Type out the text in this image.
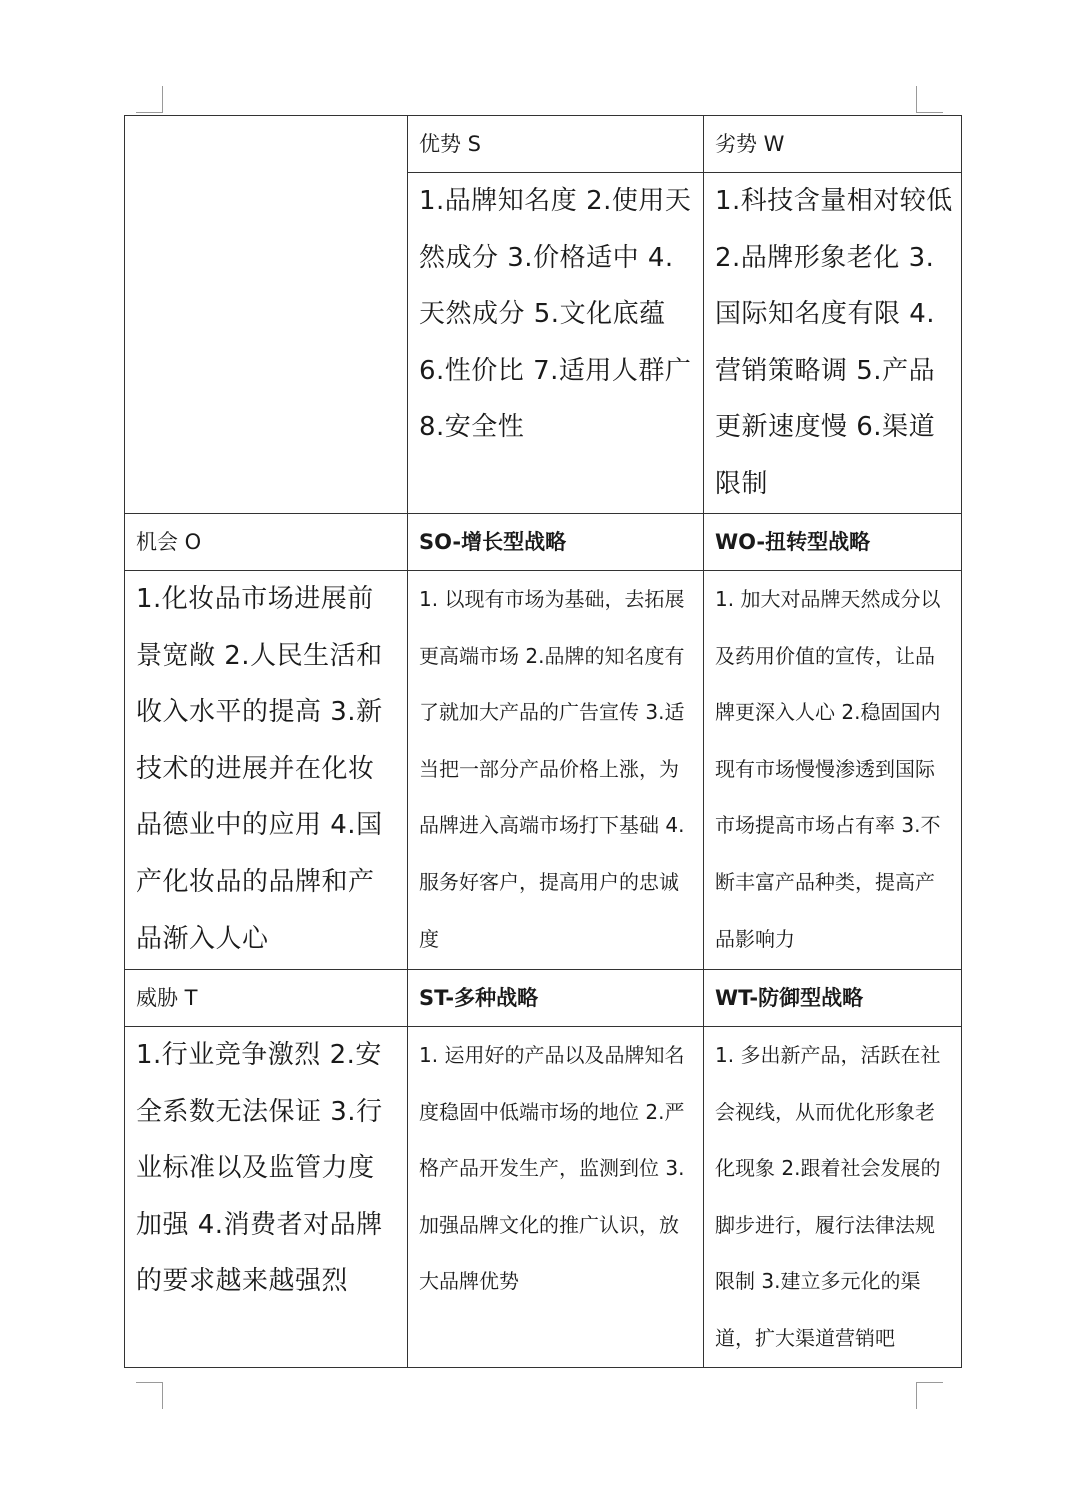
	优势 S	劣势 W
	1.品牌知名度 2.使用天然成分 3.价格适中 4.天然成分 5.文化底蕴 6.性价比 7.适用人群广 8.安全性	1.科技含量相对较低 2.品牌形象老化 3.国际知名度有限 4.营销策略调 5.产品更新速度慢 6.渠道限制
机会 O	SO-增长型战略	WO-扭转型战略
1.化妆品市场进展前景宽敞 2.人民生活和收入水平的提高 3.新技术的进展并在化妆品德业中的应用 4.国产化妆品的品牌和产品渐入人心	1. 以现有市场为基础，去拓展更高端市场 2.品牌的知名度有了就加大产品的广告宣传 3.适当把一部分产品价格上涨，为品牌进入高端市场打下基础 4.服务好客户，提高用户的忠诚度	1. 加大对品牌天然成分以及药用价值的宣传，让品牌更深入人心 2.稳固国内现有市场慢慢渗透到国际市场提高市场占有率 3.不断丰富产品种类，提高产品影响力
威胁 T	ST-多种战略	WT-防御型战略
1.行业竞争激烈 2.安全系数无法保证 3.行业标准以及监管力度加强 4.消费者对品牌的要求越来越强烈	1. 运用好的产品以及品牌知名度稳固中低端市场的地位 2.严格产品开发生产，监测到位 3.加强品牌文化的推广认识，放大品牌优势	1. 多出新产品，活跃在社会视线，从而优化形象老化现象 2.跟着社会发展的脚步进行，履行法律法规限制 3.建立多元化的渠道，扩大渠道营销吧
